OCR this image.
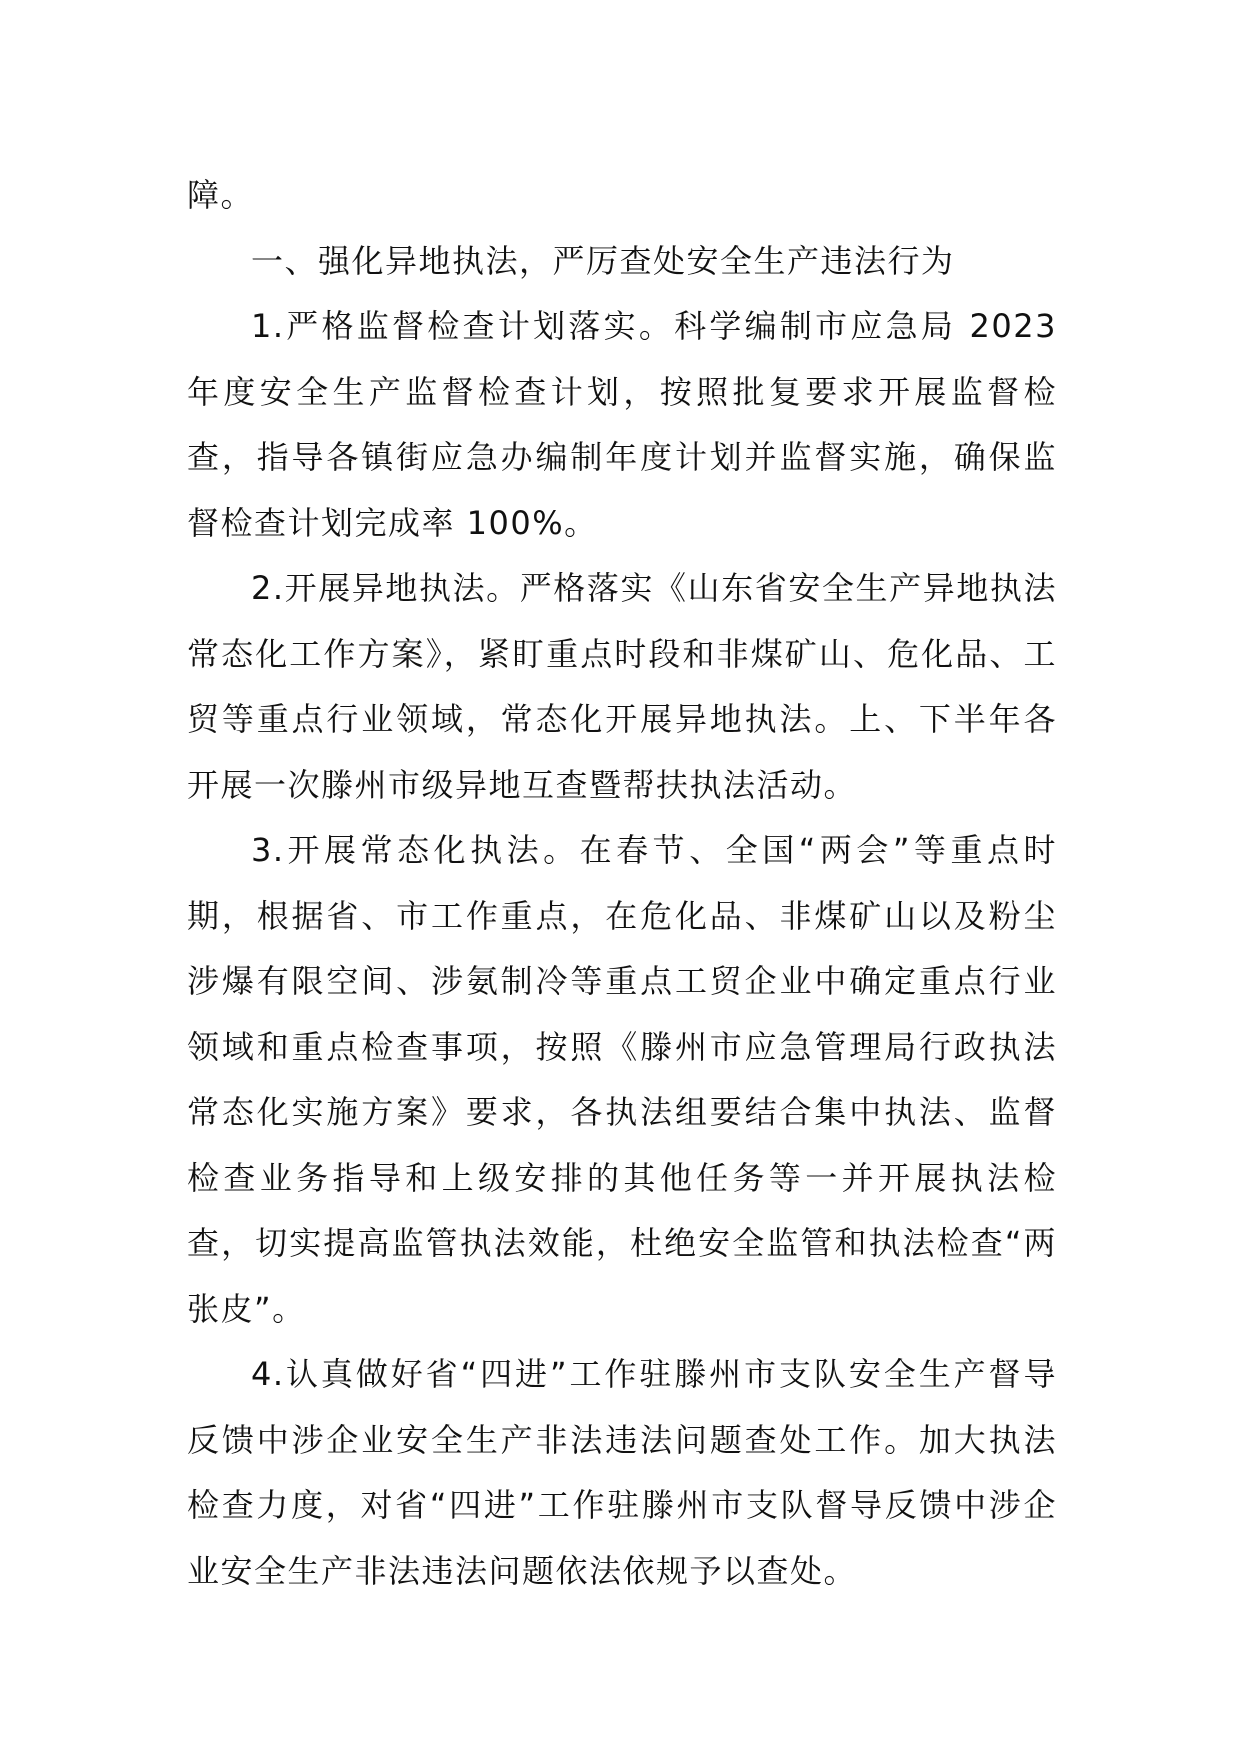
障。

一、强化异地执法，严厉查处安全生产违法行为

1.严格监督检查计划落实。科学编制市应急局 2023 年度安全生产监督检查计划，按照批复要求开展监督检查，指导各镇街应急办编制年度计划并监督实施，确保监督检查计划完成率 100%。

2.开展异地执法。严格落实《山东省安全生产异地执法常态化工作方案》，紧盯重点时段和非煤矿山、危化品、工贸等重点行业领域，常态化开展异地执法。上、下半年各开展一次滕州市级异地互查暨帮扶执法活动。

3.开展常态化执法。在春节、全国“两会”等重点时期，根据省、市工作重点，在危化品、非煤矿山以及粉尘涉爆有限空间、涉氨制冷等重点工贸企业中确定重点行业领域和重点检查事项，按照《滕州市应急管理局行政执法常态化实施方案》要求，各执法组要结合集中执法、监督检查业务指导和上级安排的其他任务等一并开展执法检查，切实提高监管执法效能，杜绝安全监管和执法检查“两张皮”。

4.认真做好省“四进”工作驻滕州市支队安全生产督导反馈中涉企业安全生产非法违法问题查处工作。加大执法检查力度，对省“四进”工作驻滕州市支队督导反馈中涉企业安全生产非法违法问题依法依规予以查处。
